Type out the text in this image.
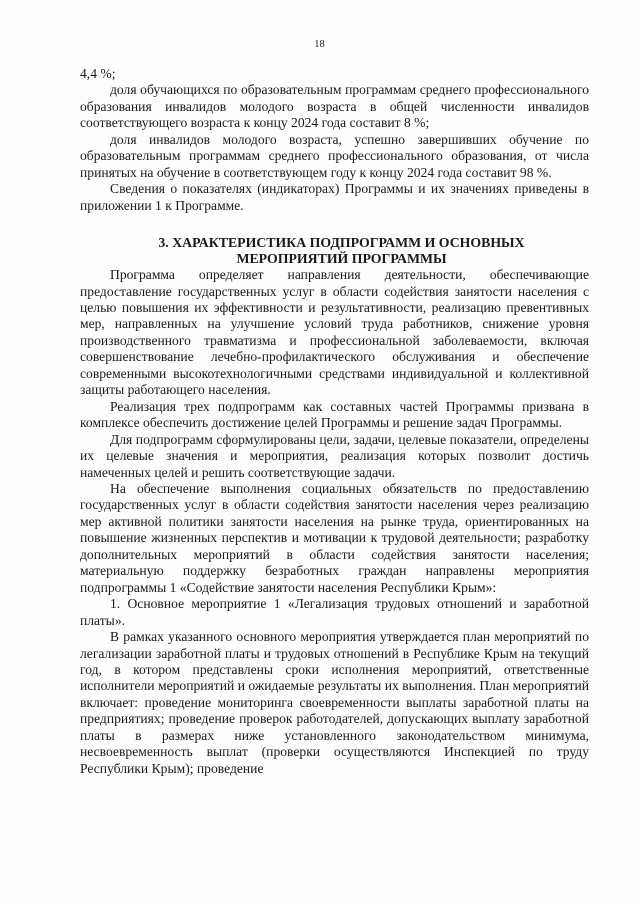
18

4,4 %;

доля обучающихся по образовательным программам среднего профессионального образования инвалидов молодого возраста в общей численности инвалидов соответствующего возраста к концу 2024 года составит 8 %;

доля инвалидов молодого возраста, успешно завершивших обучение по образовательным программам среднего профессионального образования, от числа принятых на обучение в соответствующем году к концу 2024 года составит 98 %.

Сведения о показателях (индикаторах) Программы и их значениях приведены в приложении 1 к Программе.

3. ХАРАКТЕРИСТИКА ПОДПРОГРАММ И ОСНОВНЫХ
МЕРОПРИЯТИЙ ПРОГРАММЫ

Программа определяет направления деятельности, обеспечивающие предоставление государственных услуг в области содействия занятости населения с целью повышения их эффективности и результативности, реализацию превентивных мер, направленных на улучшение условий труда работников, снижение уровня производственного травматизма и профессиональной заболеваемости, включая совершенствование лечебно-профилактического обслуживания и обеспечение современными высокотехнологичными средствами индивидуальной и коллективной защиты работающего населения.

Реализация трех подпрограмм как составных частей Программы призвана в комплексе обеспечить достижение целей Программы и решение задач Программы.

Для подпрограмм сформулированы цели, задачи, целевые показатели, определены их целевые значения и мероприятия, реализация которых позволит достичь намеченных целей и решить соответствующие задачи.

На обеспечение выполнения социальных обязательств по предоставлению государственных услуг в области содействия занятости населения через реализацию мер активной политики занятости населения на рынке труда, ориентированных на повышение жизненных перспектив и мотивации к трудовой деятельности; разработку дополнительных мероприятий в области содействия занятости населения; материальную поддержку безработных граждан направлены мероприятия подпрограммы 1 «Содействие занятости населения Республики Крым»:

1. Основное мероприятие 1 «Легализация трудовых отношений и заработной платы».

В рамках указанного основного мероприятия утверждается план мероприятий по легализации заработной платы и трудовых отношений в Республике Крым на текущий год, в котором представлены сроки исполнения мероприятий, ответственные исполнители мероприятий и ожидаемые результаты их выполнения. План мероприятий включает: проведение мониторинга своевременности выплаты заработной платы на предприятиях; проведение проверок работодателей, допускающих выплату заработной платы в размерах ниже установленного законодательством минимума, несвоевременность выплат (проверки осуществляются Инспекцией по труду Республики Крым); проведение
